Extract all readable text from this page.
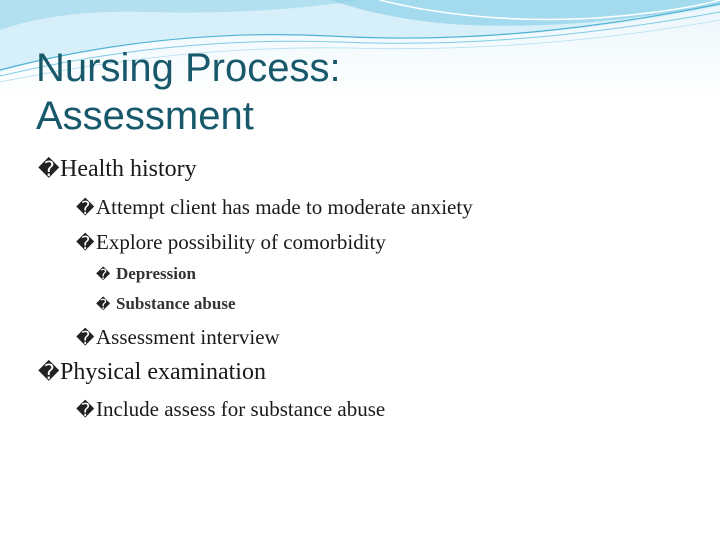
Nursing Process:
Assessment
�Health history
�Attempt client has made to moderate anxiety
�Explore possibility of comorbidity
� Depression
� Substance abuse
�Assessment interview
�Physical examination
�Include assess for substance abuse
